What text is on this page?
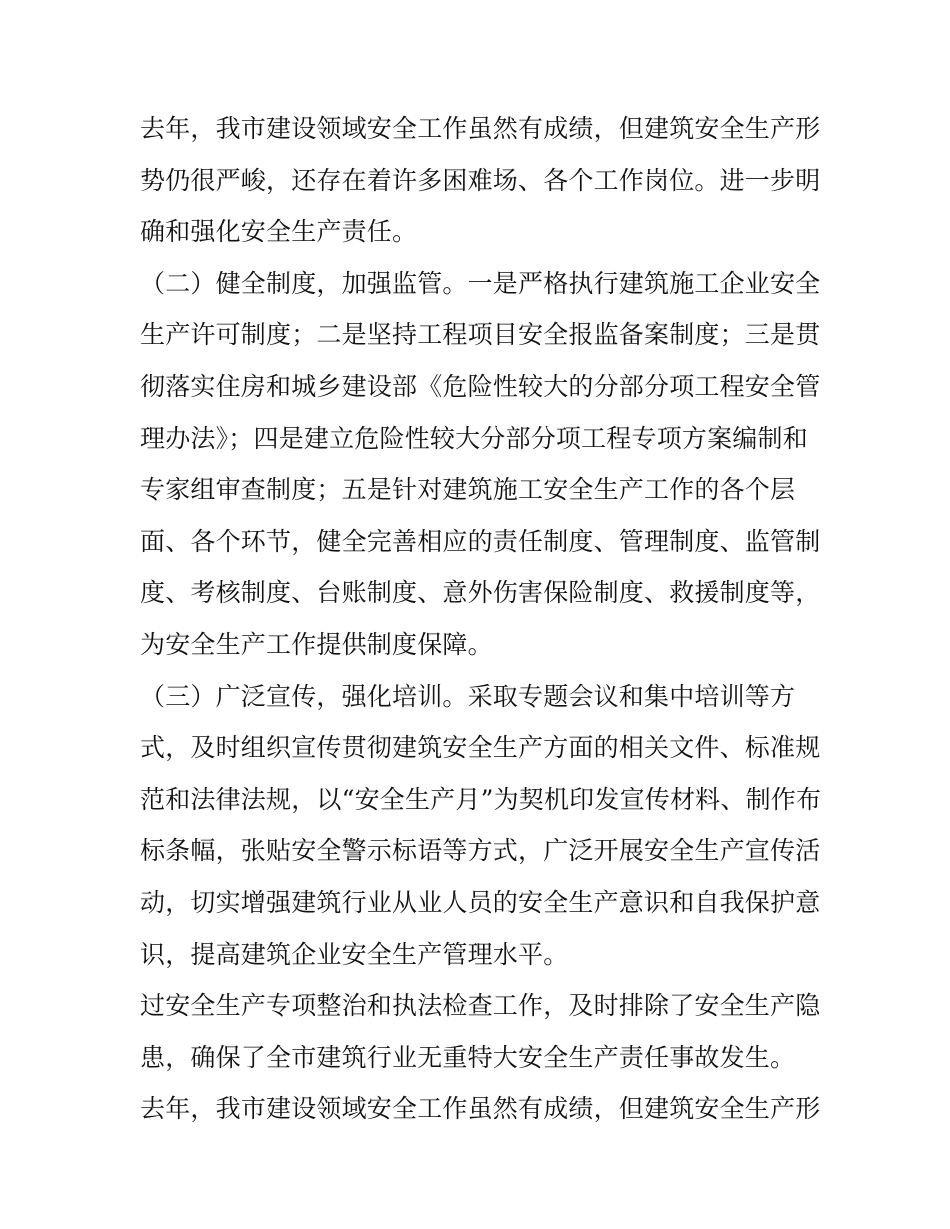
去年，我市建设领域安全工作虽然有成绩，但建筑安全生产形
势仍很严峻，还存在着许多困难场、各个工作岗位。进一步明
确和强化安全生产责任。
（二）健全制度，加强监管。一是严格执行建筑施工企业安全
生产许可制度；二是坚持工程项目安全报监备案制度；三是贯
彻落实住房和城乡建设部《危险性较大的分部分项工程安全管
理办法》；四是建立危险性较大分部分项工程专项方案编制和
专家组审查制度；五是针对建筑施工安全生产工作的各个层
面、各个环节，健全完善相应的责任制度、管理制度、监管制
度、考核制度、台账制度、意外伤害保险制度、救援制度等，
为安全生产工作提供制度保障。
（三）广泛宣传，强化培训。采取专题会议和集中培训等方
式，及时组织宣传贯彻建筑安全生产方面的相关文件、标准规
范和法律法规，以“安全生产月”为契机印发宣传材料、制作布
标条幅，张贴安全警示标语等方式，广泛开展安全生产宣传活
动，切实增强建筑行业从业人员的安全生产意识和自我保护意
识，提高建筑企业安全生产管理水平。
过安全生产专项整治和执法检查工作，及时排除了安全生产隐
患，确保了全市建筑行业无重特大安全生产责任事故发生。
去年，我市建设领域安全工作虽然有成绩，但建筑安全生产形
